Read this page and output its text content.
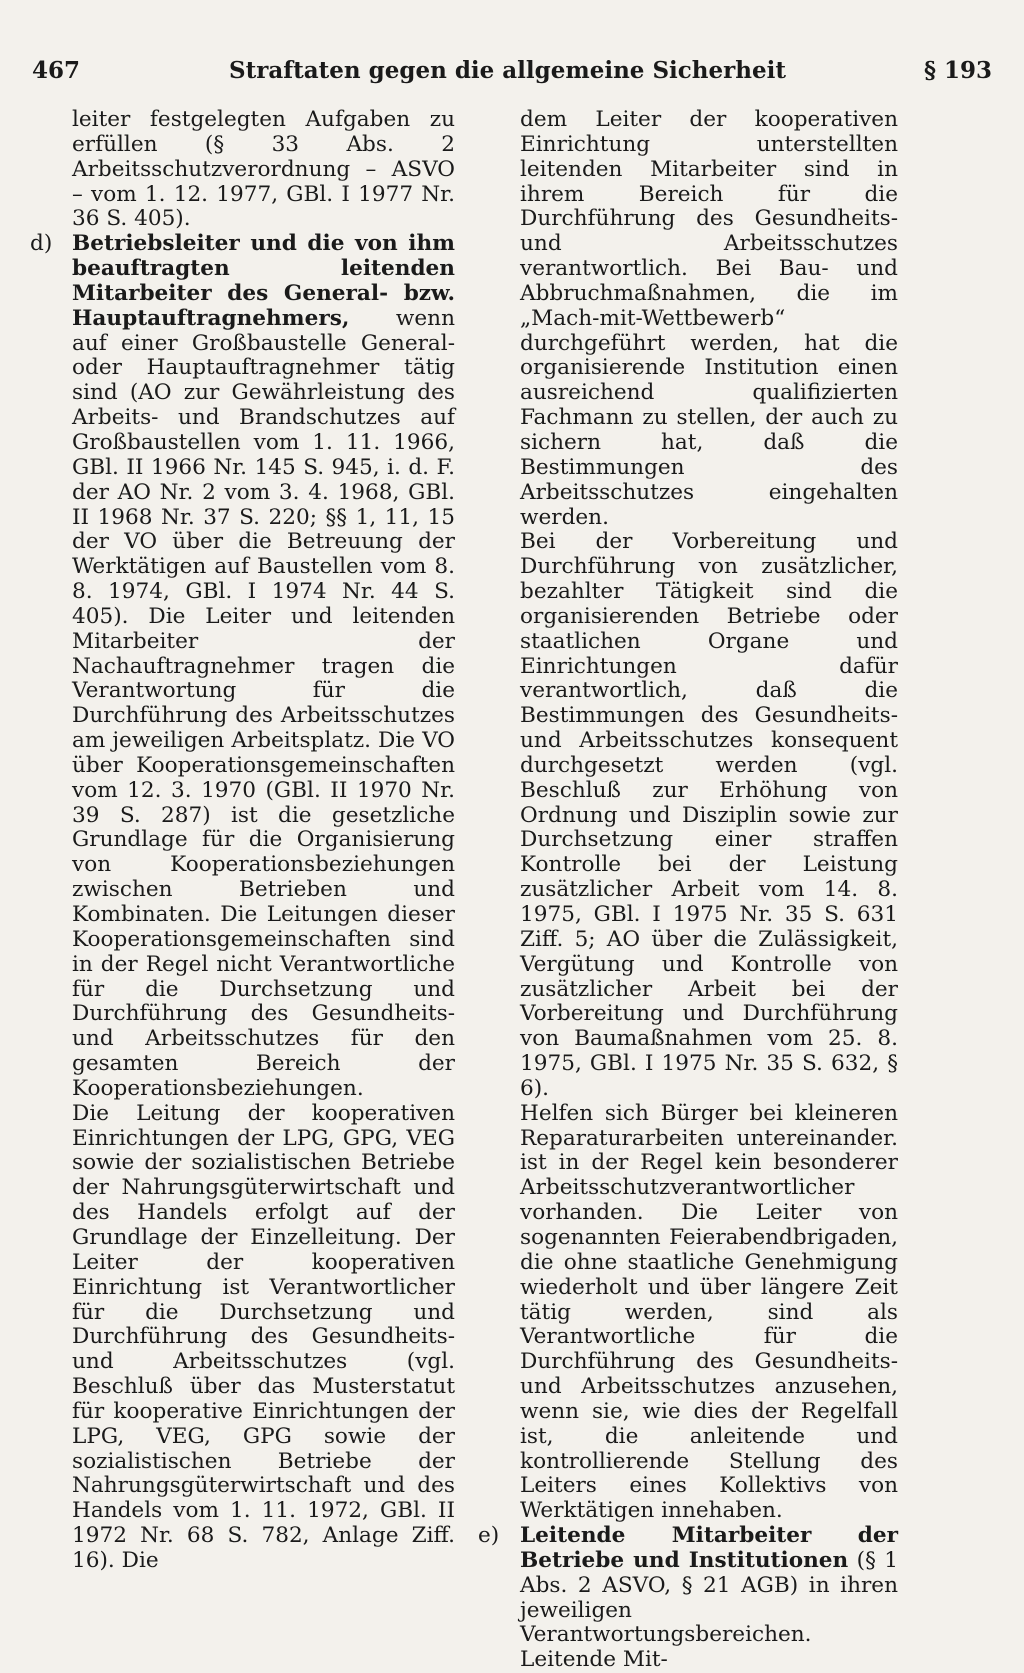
467	Straftaten gegen die allgemeine Sicherheit	§ 193

leiter festgelegten Aufgaben zu erfüllen (§ 33 Abs. 2 Arbeitsschutzverordnung – ASVO – vom 1. 12. 1977, GBl. I 1977 Nr. 36 S. 405).

d) Betriebsleiter und die von ihm beauftragten leitenden Mitarbeiter des General- bzw. Hauptauftragnehmers, wenn auf einer Großbaustelle General- oder Hauptauftragnehmer tätig sind (AO zur Gewährleistung des Arbeits- und Brandschutzes auf Großbaustellen vom 1. 11. 1966, GBl. II 1966 Nr. 145 S. 945, i. d. F. der AO Nr. 2 vom 3. 4. 1968, GBl. II 1968 Nr. 37 S. 220; §§ 1, 11, 15 der VO über die Betreuung der Werktätigen auf Baustellen vom 8. 8. 1974, GBl. I 1974 Nr. 44 S. 405). Die Leiter und leitenden Mitarbeiter der Nachauftragnehmer tragen die Verantwortung für die Durchführung des Arbeitsschutzes am jeweiligen Arbeitsplatz. Die VO über Kooperationsgemeinschaften vom 12. 3. 1970 (GBl. II 1970 Nr. 39 S. 287) ist die gesetzliche Grundlage für die Organisierung von Kooperationsbeziehungen zwischen Betrieben und Kombinaten. Die Leitungen dieser Kooperationsgemeinschaften sind in der Regel nicht Verantwortliche für die Durchsetzung und Durchführung des Gesundheits- und Arbeitsschutzes für den gesamten Bereich der Kooperationsbeziehungen.

Die Leitung der kooperativen Einrichtungen der LPG, GPG, VEG sowie der sozialistischen Betriebe der Nahrungsgüterwirtschaft und des Handels erfolgt auf der Grundlage der Einzelleitung. Der Leiter der kooperativen Einrichtung ist Verantwortlicher für die Durchsetzung und Durchführung des Gesundheits- und Arbeitsschutzes (vgl. Beschluß über das Musterstatut für kooperative Einrichtungen der LPG, VEG, GPG sowie der sozialistischen Betriebe der Nahrungsgüterwirtschaft und des Handels vom 1. 11. 1972, GBl. II 1972 Nr. 68 S. 782, Anlage Ziff. 16). Die

dem Leiter der kooperativen Einrichtung unterstellten leitenden Mitarbeiter sind in ihrem Bereich für die Durchführung des Gesundheits- und Arbeitsschutzes verantwortlich. Bei Bau- und Abbruchmaßnahmen, die im „Mach-mit-Wettbewerb“ durchgeführt werden, hat die organisierende Institution einen ausreichend qualifizierten Fachmann zu stellen, der auch zu sichern hat, daß die Bestimmungen des Arbeitsschutzes eingehalten werden.

Bei der Vorbereitung und Durchführung von zusätzlicher, bezahlter Tätigkeit sind die organisierenden Betriebe oder staatlichen Organe und Einrichtungen dafür verantwortlich, daß die Bestimmungen des Gesundheits- und Arbeitsschutzes konsequent durchgesetzt werden (vgl. Beschluß zur Erhöhung von Ordnung und Disziplin sowie zur Durchsetzung einer straffen Kontrolle bei der Leistung zusätzlicher Arbeit vom 14. 8. 1975, GBl. I 1975 Nr. 35 S. 631 Ziff. 5; AO über die Zulässigkeit, Vergütung und Kontrolle von zusätzlicher Arbeit bei der Vorbereitung und Durchführung von Baumaßnahmen vom 25. 8. 1975, GBl. I 1975 Nr. 35 S. 632, § 6).

Helfen sich Bürger bei kleineren Reparaturarbeiten untereinander. ist in der Regel kein besonderer Arbeitsschutzverantwortlicher vorhanden. Die Leiter von sogenannten Feierabendbrigaden, die ohne staatliche Genehmigung wiederholt und über längere Zeit tätig werden, sind als Verantwortliche für die Durchführung des Gesundheits- und Arbeitsschutzes anzusehen, wenn sie, wie dies der Regelfall ist, die anleitende und kontrollierende Stellung des Leiters eines Kollektivs von Werktätigen innehaben.

e) Leitende Mitarbeiter der Betriebe und Institutionen (§ 1 Abs. 2 ASVO, § 21 AGB) in ihren jeweiligen Verantwortungsbereichen. Leitende Mit-
